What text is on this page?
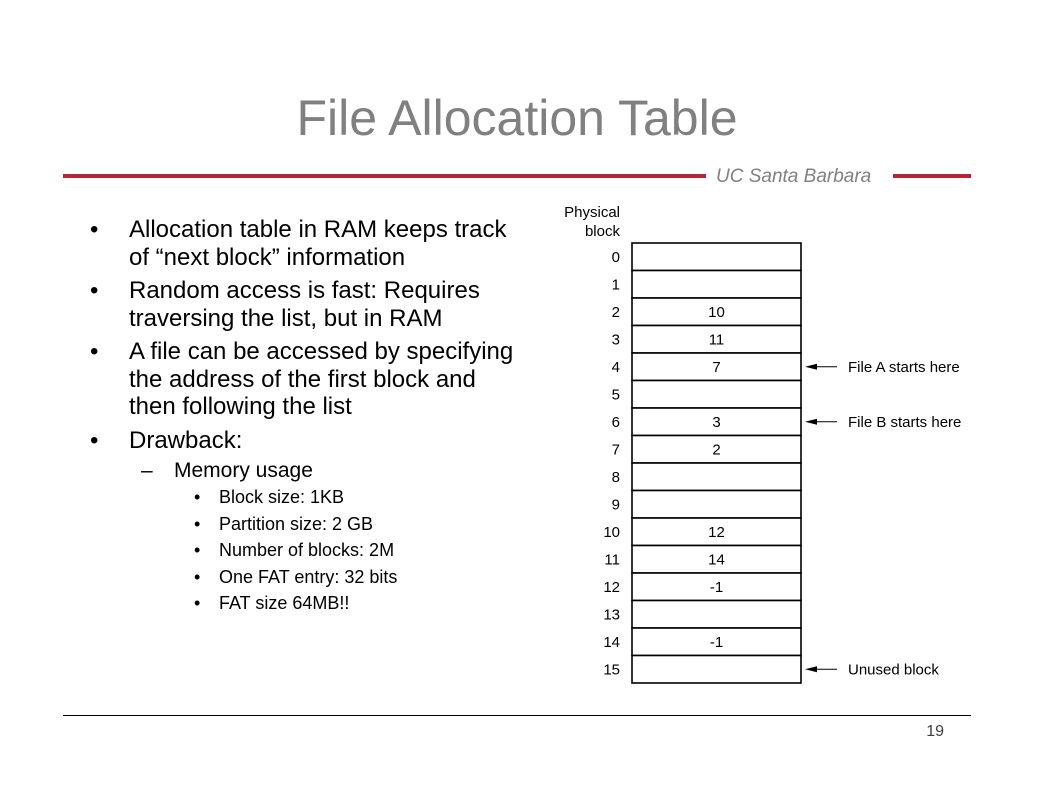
File Allocation Table
UC Santa Barbara
• Allocation table in RAM keeps track of “next block” information
• Random access is fast: Requires traversing the list, but in RAM
• A file can be accessed by specifying the address of the first block and then following the list
• Drawback:
– Memory usage
• Block size: 1KB
• Partition size: 2 GB
• Number of blocks: 2M
• One FAT entry: 32 bits
• FAT size 64MB!!
Physical
block
0
1
2	10
3	11
4	7
5
6	3
7	2
8
9
10	12
11	14
12	-1
13
14	-1
15
File A starts here
File B starts here
Unused block
19
